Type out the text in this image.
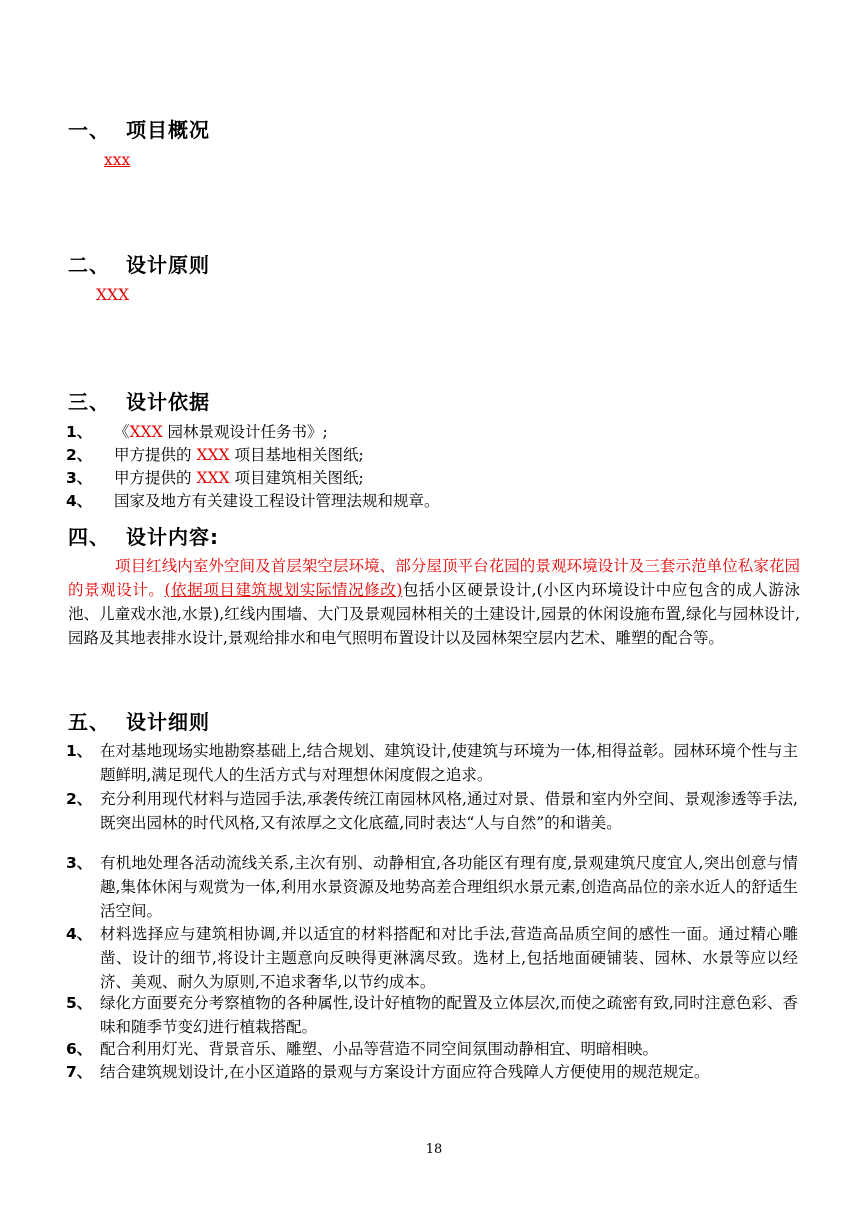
一、 项目概况
xxx
二、 设计原则
XXX
三、 设计依据
1、 《XXX 园林景观设计任务书》;
2、 甲方提供的 XXX 项目基地相关图纸;
3、 甲方提供的 XXX 项目建筑相关图纸;
4、 国家及地方有关建设工程设计管理法规和规章。
四、 设计内容:
项目红线内室外空间及首层架空层环境、部分屋顶平台花园的景观环境设计及三套示范单位私家花园的景观设计。(依据项目建筑规划实际情况修改)包括小区硬景设计,(小区内环境设计中应包含的成人游泳池、儿童戏水池,水景),红线内围墙、大门及景观园林相关的土建设计,园景的休闲设施布置,绿化与园林设计,园路及其地表排水设计,景观给排水和电气照明布置设计以及园林架空层内艺术、雕塑的配合等。
五、 设计细则
1、 在对基地现场实地勘察基础上,结合规划、建筑设计,使建筑与环境为一体,相得益彰。园林环境个性与主题鲜明,满足现代人的生活方式与对理想休闲度假之追求。
2、 充分利用现代材料与造园手法,承袭传统江南园林风格,通过对景、借景和室内外空间、景观渗透等手法,既突出园林的时代风格,又有浓厚之文化底蕴,同时表达“人与自然”的和谐美。
3、 有机地处理各活动流线关系,主次有别、动静相宜,各功能区有理有度,景观建筑尺度宜人,突出创意与情趣,集体休闲与观赏为一体,利用水景资源及地势高差合理组织水景元素,创造高品位的亲水近人的舒适生活空间。
4、 材料选择应与建筑相协调,并以适宜的材料搭配和对比手法,营造高品质空间的感性一面。通过精心雕凿、设计的细节,将设计主题意向反映得更淋漓尽致。选材上,包括地面硬铺装、园林、水景等应以经济、美观、耐久为原则,不追求奢华,以节约成本。
5、 绿化方面要充分考察植物的各种属性,设计好植物的配置及立体层次,而使之疏密有致,同时注意色彩、香味和随季节变幻进行植栽搭配。
6、 配合利用灯光、背景音乐、雕塑、小品等营造不同空间氛围动静相宜、明暗相映。
7、 结合建筑规划设计,在小区道路的景观与方案设计方面应符合残障人方便使用的规范规定。
18
